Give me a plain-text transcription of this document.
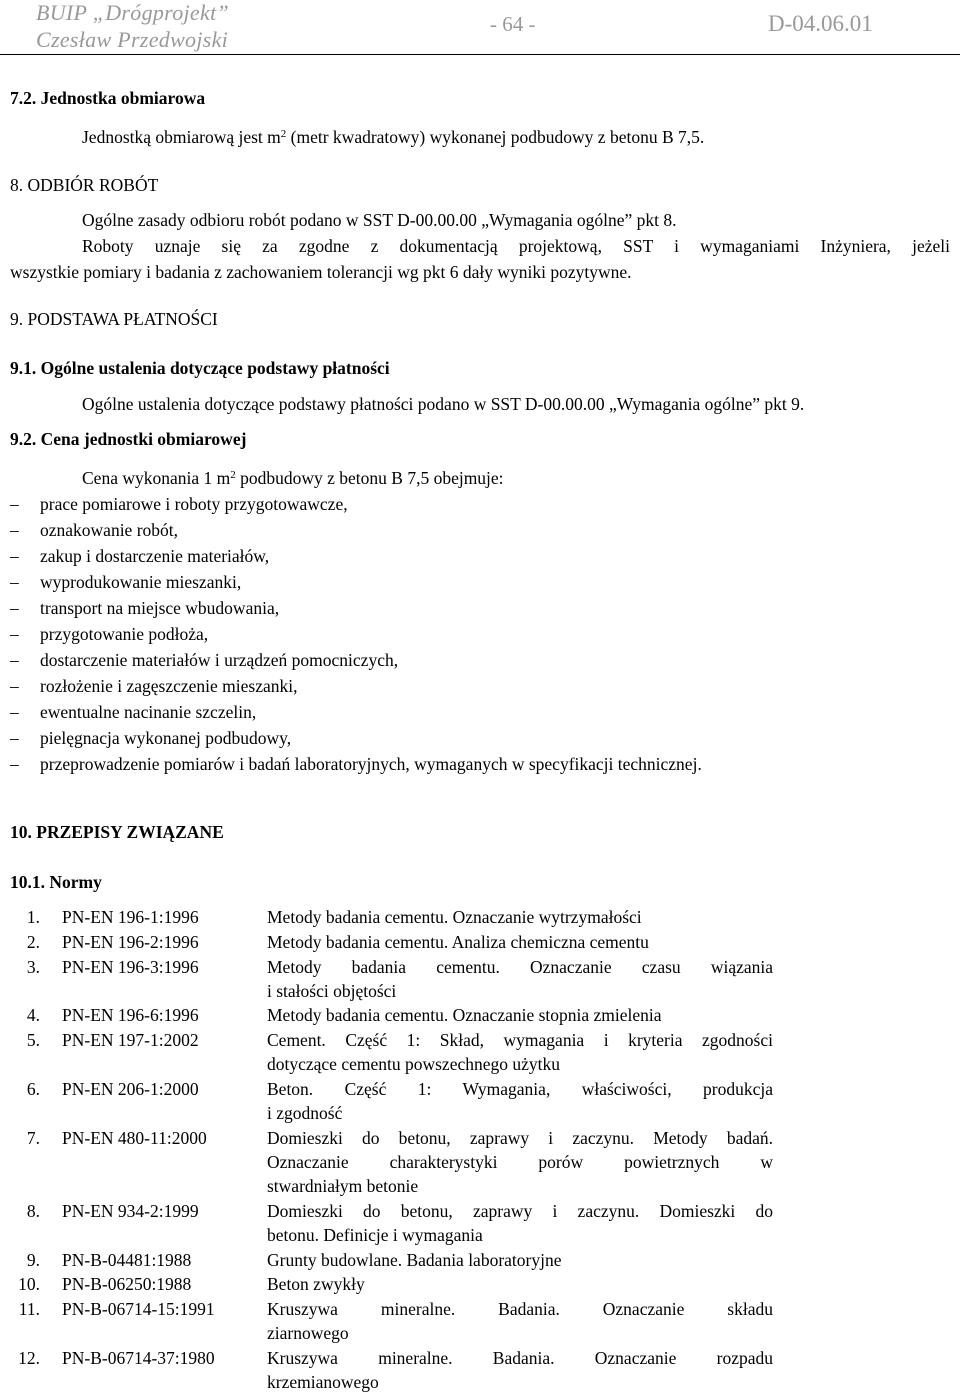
BUIP „Drógprojekt”
Czesław Przedwojski
- 64 -	D-04.06.01
7.2. Jednostka obmiarowa
Jednostką obmiarową jest $m^2$ (metr kwadratowy) wykonanej podbudowy z betonu B 7,5.
8. ODBIÓR ROBÓT
Ogólne zasady odbioru robót podano w SST D-00.00.00 „Wymagania ogólne” pkt 8.
Roboty uznaje się za zgodne z dokumentacją projektową, SST i wymaganiami Inżyniera, jeżeli
wszystkie pomiary i badania z zachowaniem tolerancji wg pkt 6 dały wyniki pozytywne.
9. PODSTAWA PŁATNOŚCI
9.1. Ogólne ustalenia dotyczące podstawy płatności
Ogólne ustalenia dotyczące podstawy płatności podano w SST D-00.00.00 „Wymagania ogólne” pkt 9.
9.2. Cena jednostki obmiarowej
Cena wykonania 1 $m^2$ podbudowy z betonu B 7,5 obejmuje:
–	prace pomiarowe i roboty przygotowawcze,
–	oznakowanie robót,
–	zakup i dostarczenie materiałów,
–	wyprodukowanie mieszanki,
–	transport na miejsce wbudowania,
–	przygotowanie podłoża,
–	dostarczenie materiałów i urządzeń pomocniczych,
–	rozłożenie i zagęszczenie mieszanki,
–	ewentualne nacinanie szczelin,
–	pielęgnacja wykonanej podbudowy,
–	przeprowadzenie pomiarów i badań laboratoryjnych, wymaganych w specyfikacji technicznej.
10. PRZEPISY ZWIĄZANE
10.1. Normy
1. PN-EN 196-1:1996	Metody badania cementu. Oznaczanie wytrzymałości
2. PN-EN 196-2:1996	Metody badania cementu. Analiza chemiczna cementu
3. PN-EN 196-3:1996	Metody badania cementu. Oznaczanie czasu wiązania
i stałości objętości
4. PN-EN 196-6:1996	Metody badania cementu. Oznaczanie stopnia zmielenia
5. PN-EN 197-1:2002	Cement. Część 1: Skład, wymagania i kryteria zgodności
dotyczące cementu powszechnego użytku
6. PN-EN 206-1:2000	Beton. Część 1: Wymagania, właściwości, produkcja
i zgodność
7. PN-EN 480-11:2000	Domieszki do betonu, zaprawy i zaczynu. Metody badań.
Oznaczanie charakterystyki porów powietrznych w
stwardniałym betonie
8. PN-EN 934-2:1999	Domieszki do betonu, zaprawy i zaczynu. Domieszki do
betonu. Definicje i wymagania
9. PN-B-04481:1988	Grunty budowlane. Badania laboratoryjne
10. PN-B-06250:1988	Beton zwykły
11. PN-B-06714-15:1991	Kruszywa mineralne. Badania. Oznaczanie składu
ziarnowego
12. PN-B-06714-37:1980	Kruszywa mineralne. Badania. Oznaczanie rozpadu
krzemianowego
